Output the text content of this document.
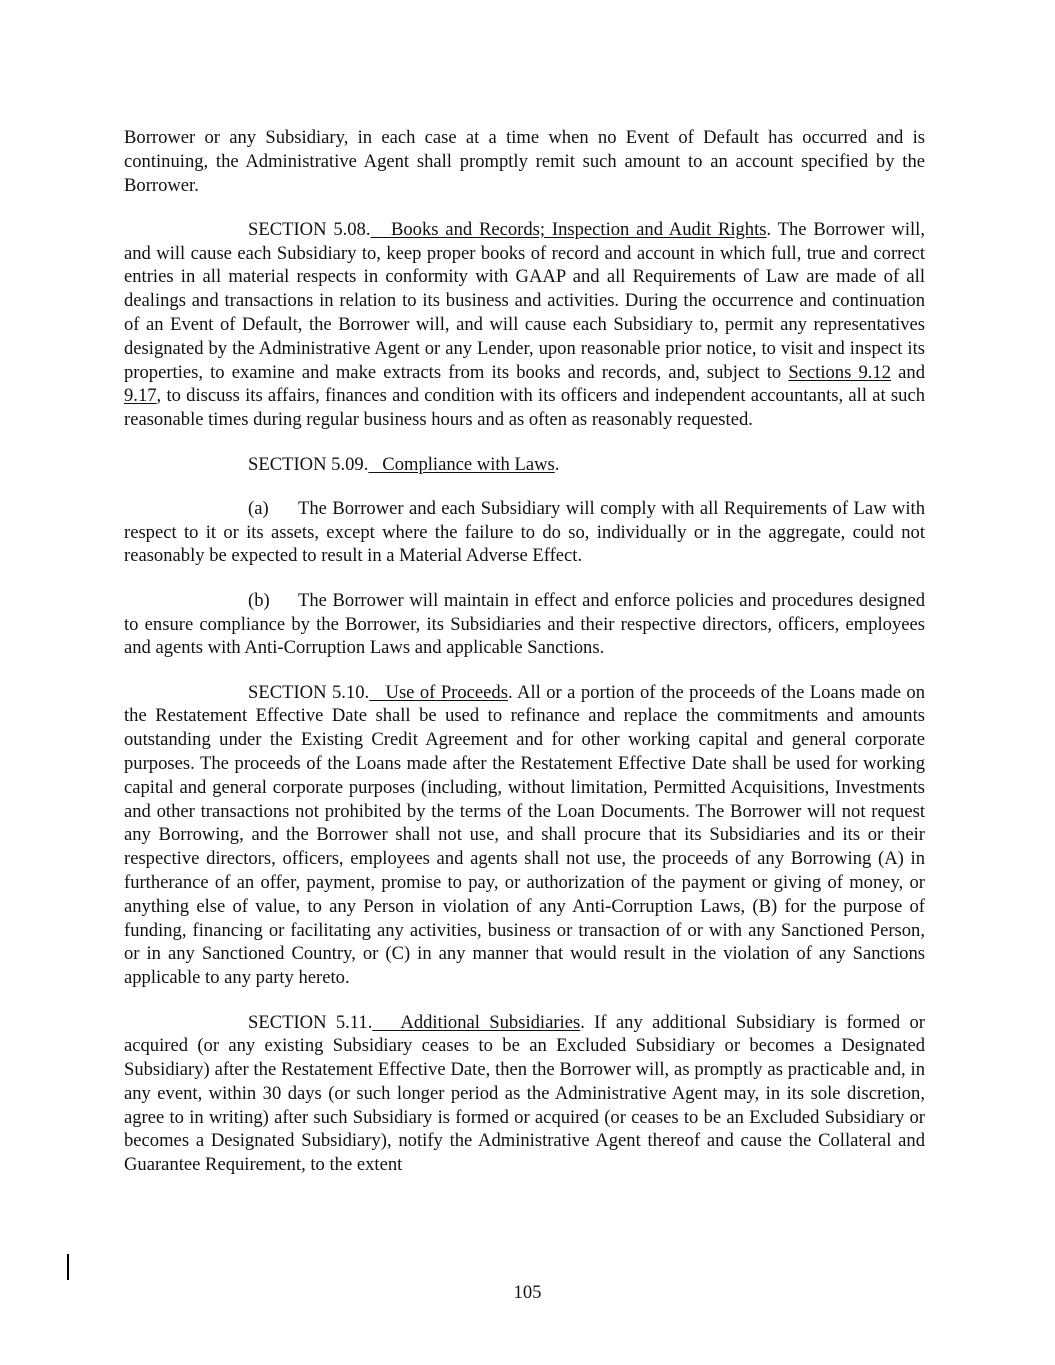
Borrower or any Subsidiary, in each case at a time when no Event of Default has occurred and is continuing, the Administrative Agent shall promptly remit such amount to an account specified by the Borrower.

SECTION 5.08. Books and Records; Inspection and Audit Rights. The Borrower will, and will cause each Subsidiary to, keep proper books of record and account in which full, true and correct entries in all material respects in conformity with GAAP and all Requirements of Law are made of all dealings and transactions in relation to its business and activities. During the occurrence and continuation of an Event of Default, the Borrower will, and will cause each Subsidiary to, permit any representatives designated by the Administrative Agent or any Lender, upon reasonable prior notice, to visit and inspect its properties, to examine and make extracts from its books and records, and, subject to Sections 9.12 and 9.17, to discuss its affairs, finances and condition with its officers and independent accountants, all at such reasonable times during regular business hours and as often as reasonably requested.

SECTION 5.09. Compliance with Laws.

(a) The Borrower and each Subsidiary will comply with all Requirements of Law with respect to it or its assets, except where the failure to do so, individually or in the aggregate, could not reasonably be expected to result in a Material Adverse Effect.

(b) The Borrower will maintain in effect and enforce policies and procedures designed to ensure compliance by the Borrower, its Subsidiaries and their respective directors, officers, employees and agents with Anti-Corruption Laws and applicable Sanctions.

SECTION 5.10. Use of Proceeds. All or a portion of the proceeds of the Loans made on the Restatement Effective Date shall be used to refinance and replace the commitments and amounts outstanding under the Existing Credit Agreement and for other working capital and general corporate purposes. The proceeds of the Loans made after the Restatement Effective Date shall be used for working capital and general corporate purposes (including, without limitation, Permitted Acquisitions, Investments and other transactions not prohibited by the terms of the Loan Documents. The Borrower will not request any Borrowing, and the Borrower shall not use, and shall procure that its Subsidiaries and its or their respective directors, officers, employees and agents shall not use, the proceeds of any Borrowing (A) in furtherance of an offer, payment, promise to pay, or authorization of the payment or giving of money, or anything else of value, to any Person in violation of any Anti-Corruption Laws, (B) for the purpose of funding, financing or facilitating any activities, business or transaction of or with any Sanctioned Person, or in any Sanctioned Country, or (C) in any manner that would result in the violation of any Sanctions applicable to any party hereto.

SECTION 5.11. Additional Subsidiaries. If any additional Subsidiary is formed or acquired (or any existing Subsidiary ceases to be an Excluded Subsidiary or becomes a Designated Subsidiary) after the Restatement Effective Date, then the Borrower will, as promptly as practicable and, in any event, within 30 days (or such longer period as the Administrative Agent may, in its sole discretion, agree to in writing) after such Subsidiary is formed or acquired (or ceases to be an Excluded Subsidiary or becomes a Designated Subsidiary), notify the Administrative Agent thereof and cause the Collateral and Guarantee Requirement, to the extent

105
